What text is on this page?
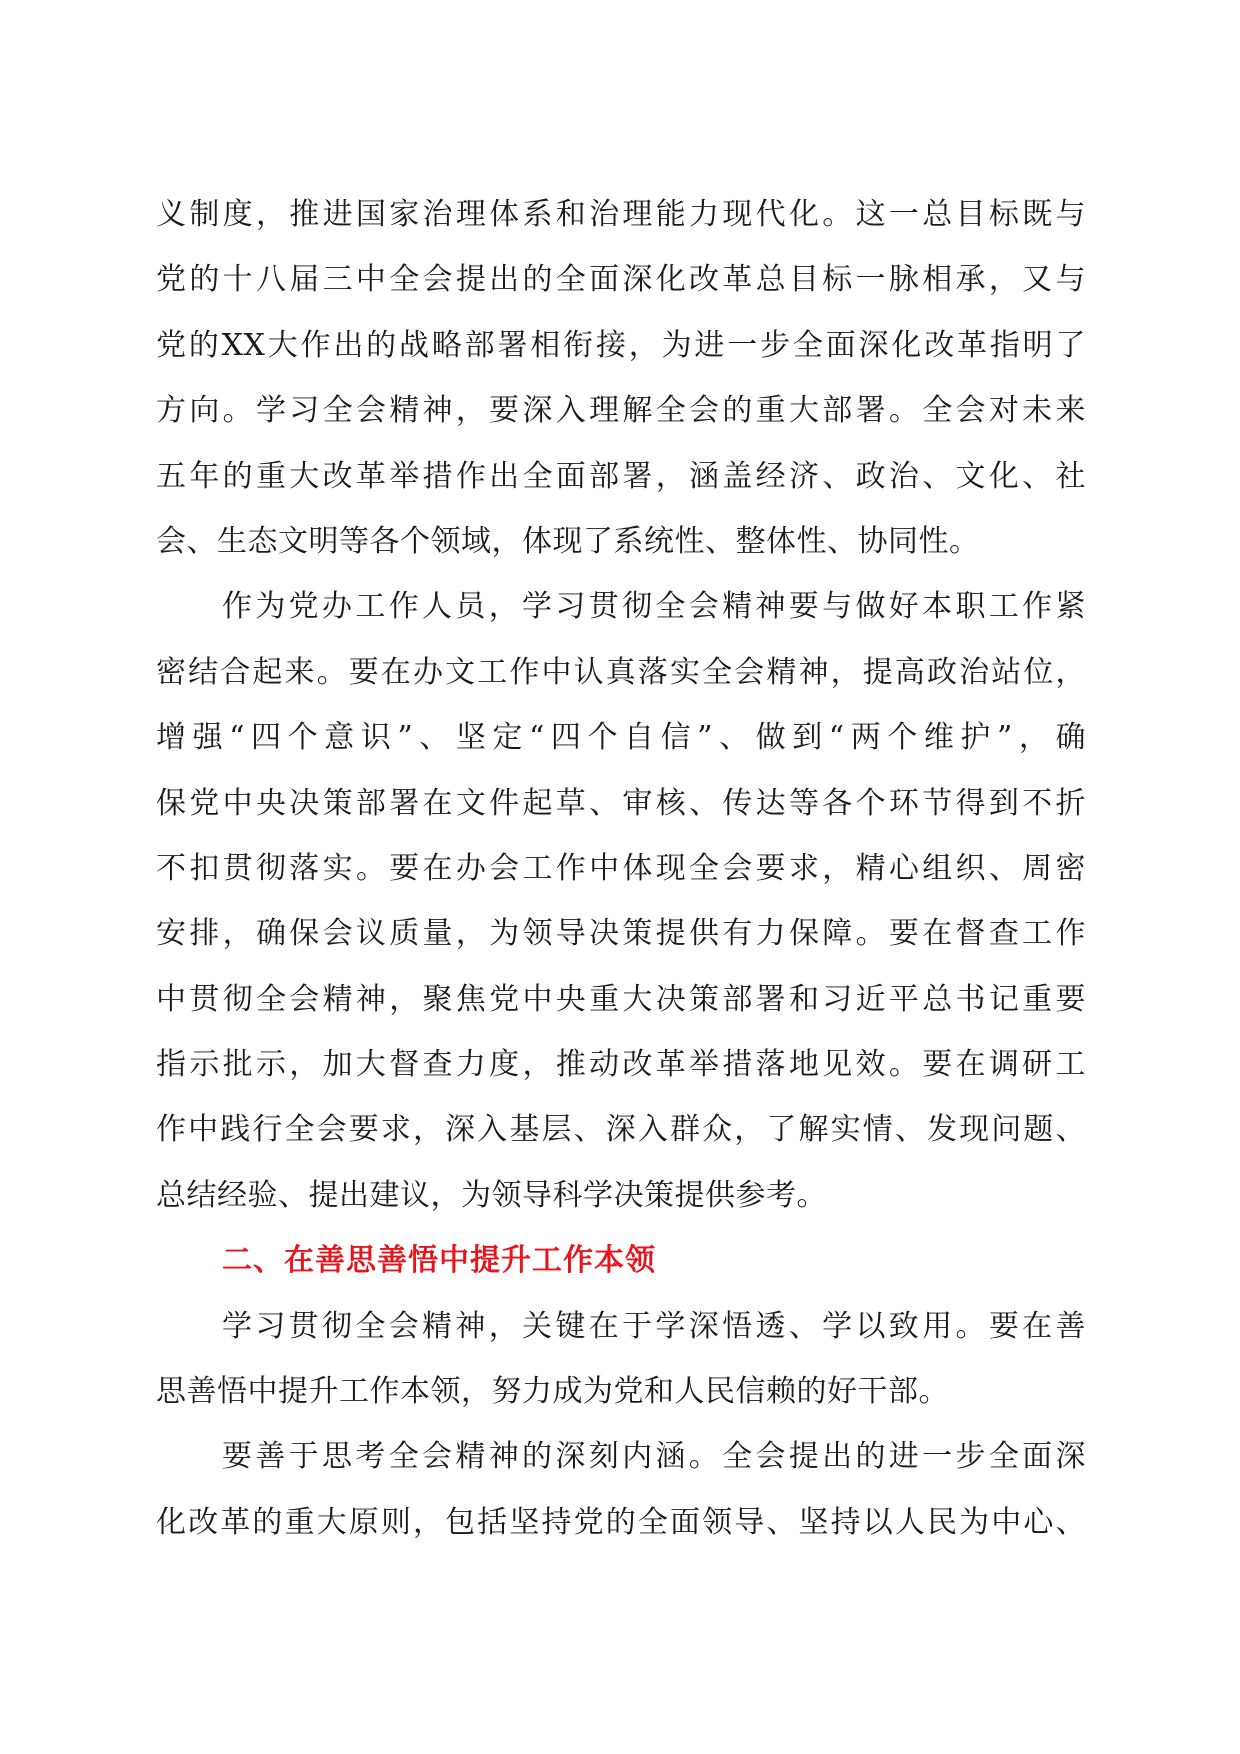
义制度，推进国家治理体系和治理能力现代化。这一总目标既与
党的十八届三中全会提出的全面深化改革总目标一脉相承，又与
党的XX大作出的战略部署相衔接，为进一步全面深化改革指明了
方向。学习全会精神，要深入理解全会的重大部署。全会对未来
五年的重大改革举措作出全面部署，涵盖经济、政治、文化、社
会、生态文明等各个领域，体现了系统性、整体性、协同性。
作为党办工作人员，学习贯彻全会精神要与做好本职工作紧
密结合起来。要在办文工作中认真落实全会精神，提高政治站位，
增强“四个意识”、坚定“四个自信”、做到“两个维护”，确
保党中央决策部署在文件起草、审核、传达等各个环节得到不折
不扣贯彻落实。要在办会工作中体现全会要求，精心组织、周密
安排，确保会议质量，为领导决策提供有力保障。要在督查工作
中贯彻全会精神，聚焦党中央重大决策部署和习近平总书记重要
指示批示，加大督查力度，推动改革举措落地见效。要在调研工
作中践行全会要求，深入基层、深入群众，了解实情、发现问题、
总结经验、提出建议，为领导科学决策提供参考。
二、在善思善悟中提升工作本领
学习贯彻全会精神，关键在于学深悟透、学以致用。要在善
思善悟中提升工作本领，努力成为党和人民信赖的好干部。
要善于思考全会精神的深刻内涵。全会提出的进一步全面深
化改革的重大原则，包括坚持党的全面领导、坚持以人民为中心、
